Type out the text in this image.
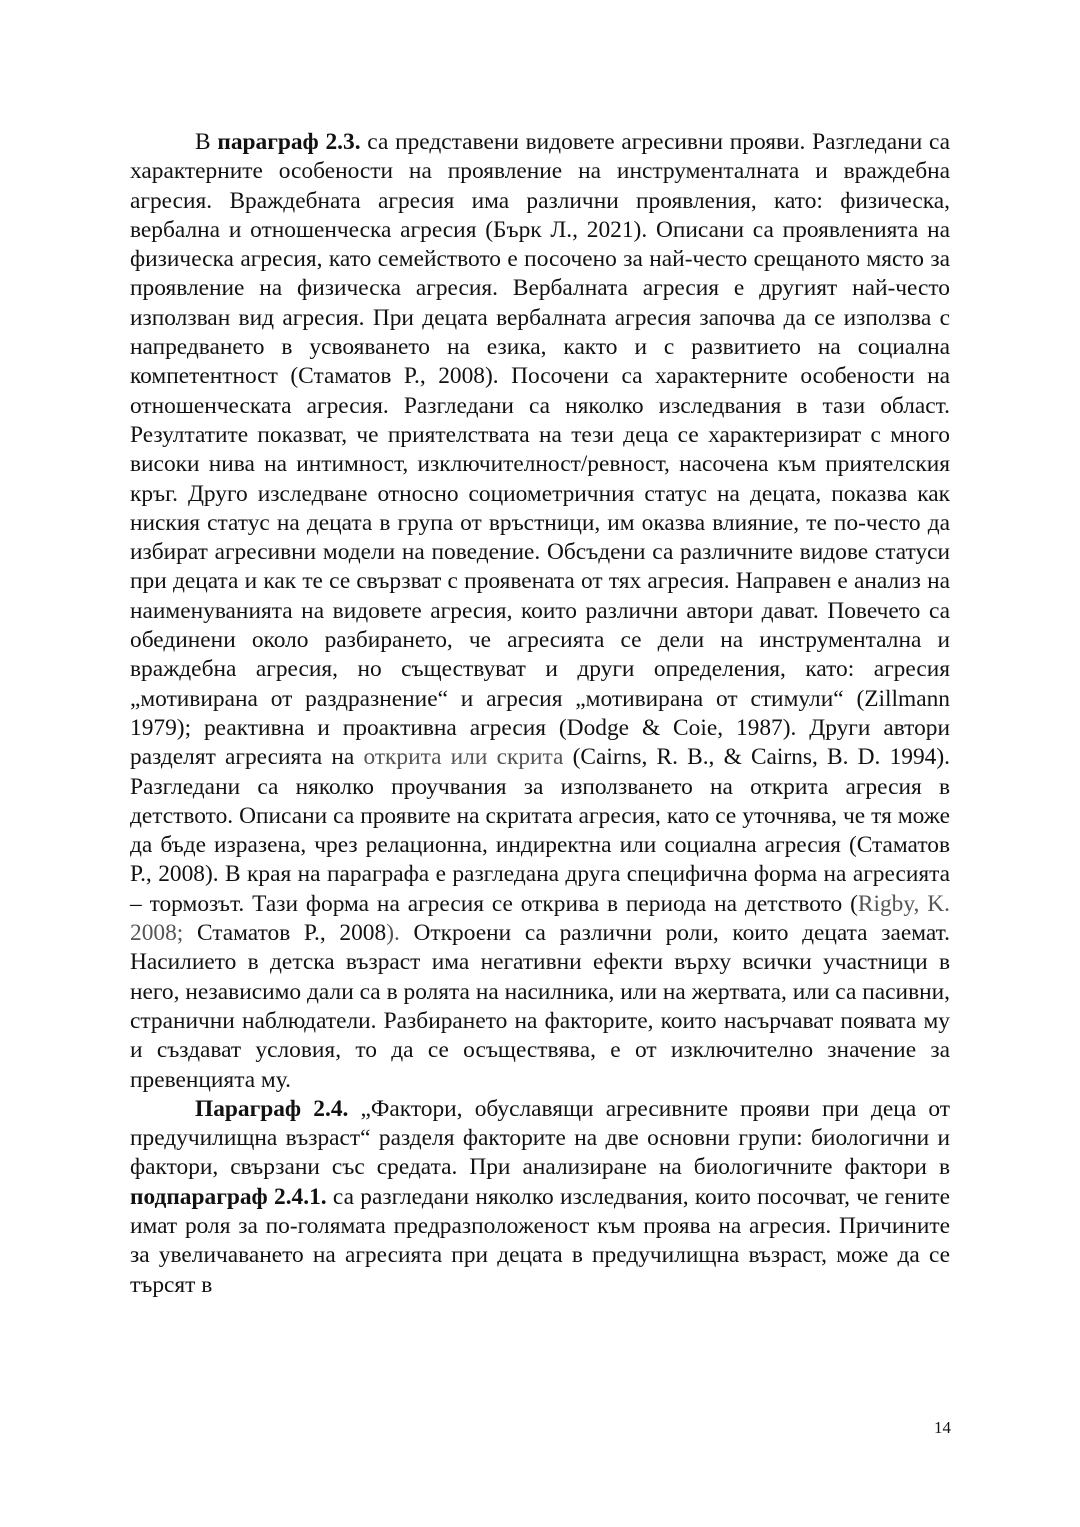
В параграф 2.3. са представени видовете агресивни прояви. Разгледани са характерните особености на проявление на инструменталната и враждебна агресия. Враждебната агресия има различни проявления, като: физическа, вербална и отношенческа агресия (Бърк Л., 2021). Описани са проявленията на физическа агресия, като семейството е посочено за най-често срещаното място за проявление на физическа агресия. Вербалната агресия е другият най-често използван вид агресия. При децата вербалната агресия започва да се използва с напредването в усвояването на езика, както и с развитието на социална компетентност (Стаматов Р., 2008). Посочени са характерните особености на отношенческата агресия. Разгледани са няколко изследвания в тази област. Резултатите показват, че приятелствата на тези деца се характеризират с много високи нива на интимност, изключителност/ревност, насочена към приятелския кръг. Друго изследване относно социометричния статус на децата, показва как ниския статус на децата в група от връстници, им оказва влияние, те по-често да избират агресивни модели на поведение. Обсъдени са различните видове статуси при децата и как те се свързват с проявената от тях агресия. Направен е анализ на наименуванията на видовете агресия, които различни автори дават. Повечето са обединени около разбирането, че агресията се дели на инструментална и враждебна агресия, но съществуват и други определения, като: агресия „мотивирана от раздразнение“ и агресия „мотивирана от стимули“ (Zillmann 1979); реактивна и проактивна агресия (Dodge & Coie, 1987). Други автори разделят агресията на открита или скрита (Cairns, R. B., & Cairns, B. D. 1994). Разгледани са няколко проучвания за използването на открита агресия в детството. Описани са проявите на скритата агресия, като се уточнява, че тя може да бъде изразена, чрез релационна, индиректна или социална агресия (Стаматов Р., 2008). В края на параграфа е разгледана друга специфична форма на агресията – тормозът. Тази форма на агресия се открива в периода на детството (Rigby, K. 2008; Стаматов Р., 2008). Откроени са различни роли, които децата заемат. Насилието в детска възраст има негативни ефекти върху всички участници в него, независимо дали са в ролята на насилника, или на жертвата, или са пасивни, странични наблюдатели. Разбирането на факторите, които насърчават появата му и създават условия, то да се осъществява, е от изключително значение за превенцията му.

Параграф 2.4. „Фактори, обуславящи агресивните прояви при деца от предучилищна възраст“ разделя факторите на две основни групи: биологични и фактори, свързани със средата. При анализиране на биологичните фактори в подпараграф 2.4.1. са разгледани няколко изследвания, които посочват, че гените имат роля за по-голямата предразположеност към проява на агресия. Причините за увеличаването на агресията при децата в предучилищна възраст, може да се търсят в

14
